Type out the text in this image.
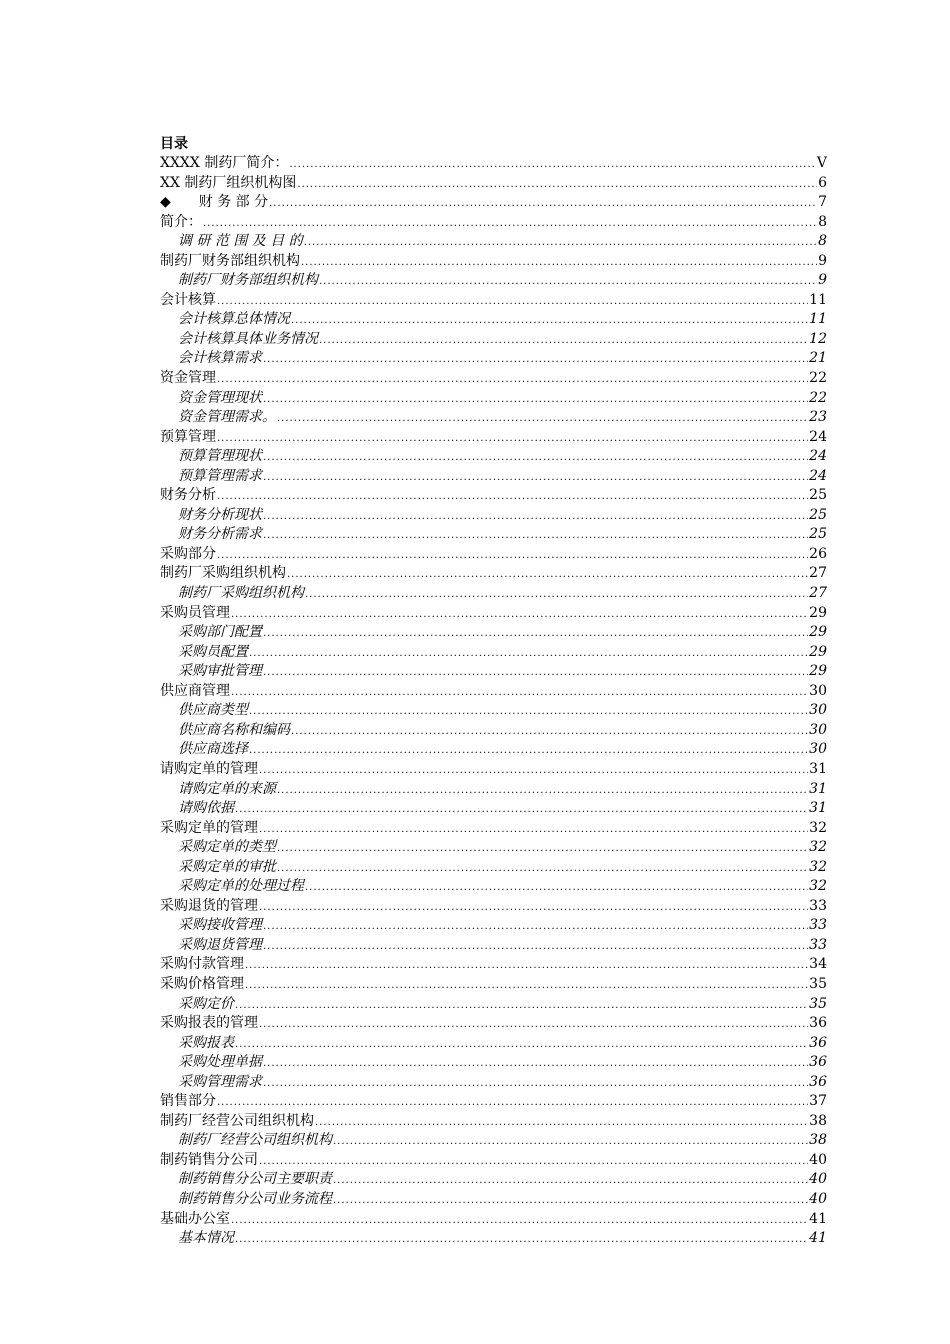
目录
XXXX 制药厂简介： .....	V
XX 制药厂组织机构图 .....	6
◆　　财 务 部 分 .....	7
简介： .....	8
调 研 范 围 及 目 的 .....	8
制药厂财务部组织机构 .....	9
制药厂财务部组织机构 .....	9
会计核算 .....	11
会计核算总体情况 .....	11
会计核算具体业务情况 .....	12
会计核算需求 .....	21
资金管理 .....	22
资金管理现状 .....	22
资金管理需求。 .....	23
预算管理 .....	24
预算管理现状 .....	24
预算管理需求 .....	24
财务分析 .....	25
财务分析现状 .....	25
财务分析需求 .....	25
采购部分 .....	26
制药厂采购组织机构 .....	27
制药厂采购组织机构 .....	27
采购员管理 .....	29
采购部门配置 .....	29
采购员配置 .....	29
采购审批管理 .....	29
供应商管理 .....	30
供应商类型 .....	30
供应商名称和编码 .....	30
供应商选择 .....	30
请购定单的管理 .....	31
请购定单的来源 .....	31
请购依据 .....	31
采购定单的管理 .....	32
采购定单的类型 .....	32
采购定单的审批 .....	32
采购定单的处理过程 .....	32
采购退货的管理 .....	33
采购接收管理 .....	33
采购退货管理 .....	33
采购付款管理 .....	34
采购价格管理 .....	35
采购定价 .....	35
采购报表的管理 .....	36
采购报表 .....	36
采购处理单据 .....	36
采购管理需求 .....	36
销售部分 .....	37
制药厂经营公司组织机构 .....	38
制药厂经营公司组织机构 .....	38
制药销售分公司 .....	40
制药销售分公司主要职责 .....	40
制药销售分公司业务流程 .....	40
基础办公室 .....	41
基本情况 .....	41
